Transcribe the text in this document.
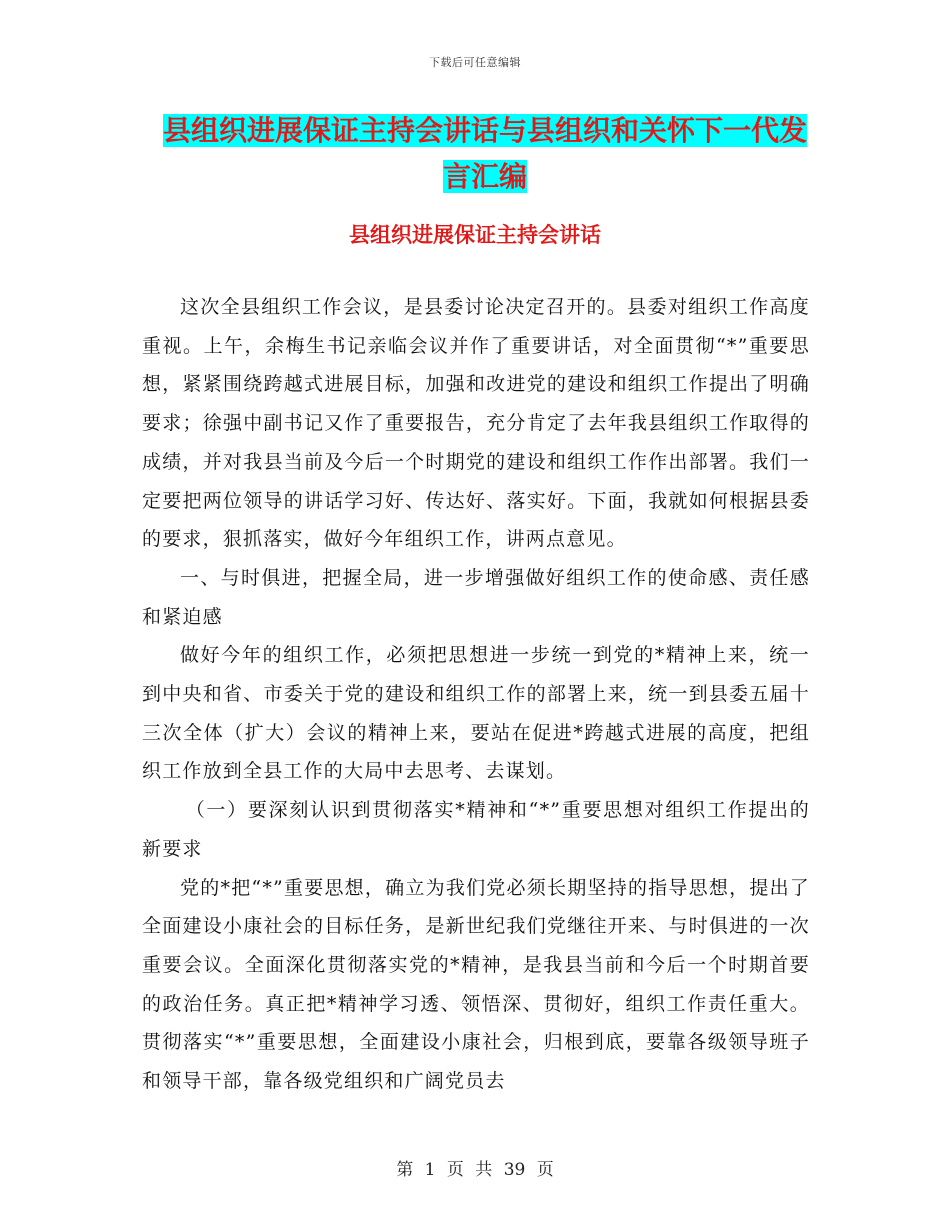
下载后可任意编辑
县组织进展保证主持会讲话与县组织和关怀下一代发
言汇编
县组织进展保证主持会讲话

这次全县组织工作会议，是县委讨论决定召开的。县委对组织工作高度重视。上午，余梅生书记亲临会议并作了重要讲话，对全面贯彻“*”重要思想，紧紧围绕跨越式进展目标，加强和改进党的建设和组织工作提出了明确要求；徐强中副书记又作了重要报告，充分肯定了去年我县组织工作取得的成绩，并对我县当前及今后一个时期党的建设和组织工作作出部署。我们一定要把两位领导的讲话学习好、传达好、落实好。下面，我就如何根据县委的要求，狠抓落实，做好今年组织工作，讲两点意见。

一、与时俱进，把握全局，进一步增强做好组织工作的使命感、责任感和紧迫感

做好今年的组织工作，必须把思想进一步统一到党的*精神上来，统一到中央和省、市委关于党的建设和组织工作的部署上来，统一到县委五届十三次全体（扩大）会议的精神上来，要站在促进*跨越式进展的高度，把组织工作放到全县工作的大局中去思考、去谋划。

（一）要深刻认识到贯彻落实*精神和“*”重要思想对组织工作提出的新要求

党的*把“*”重要思想，确立为我们党必须长期坚持的指导思想，提出了全面建设小康社会的目标任务，是新世纪我们党继往开来、与时俱进的一次重要会议。全面深化贯彻落实党的*精神，是我县当前和今后一个时期首要的政治任务。真正把*精神学习透、领悟深、贯彻好，组织工作责任重大。贯彻落实“*”重要思想，全面建设小康社会，归根到底，要靠各级领导班子和领导干部，靠各级党组织和广阔党员去

第 1 页 共 39 页
